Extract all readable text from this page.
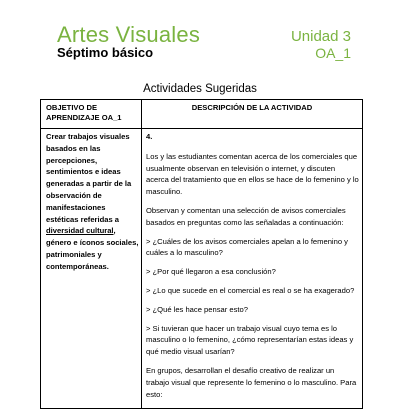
Artes Visuales	Unidad 3
Séptimo básico	OA_1
Actividades Sugeridas
OBJETIVO DE APRENDIZAJE OA_1
DESCRIPCIÓN DE LA ACTIVIDAD
Crear trabajos visuales basados en las percepciones, sentimientos e ideas generadas a partir de la observación de manifestaciones estéticas referidas a diversidad cultural, género e íconos sociales, patrimoniales y contemporáneas.

4.

Los y las estudiantes comentan acerca de los comerciales que usualmente observan en televisión o internet, y discuten acerca del tratamiento que en ellos se hace de lo femenino y lo masculino.

Observan y comentan una selección de avisos comerciales basados en preguntas como las señaladas a continuación:

> ¿Cuáles de los avisos comerciales apelan a lo femenino y cuáles a lo masculino?

> ¿Por qué llegaron a esa conclusión?

> ¿Lo que sucede en el comercial es real o se ha exagerado?

> ¿Qué les hace pensar esto?

> Si tuvieran que hacer un trabajo visual cuyo tema es lo masculino o lo femenino, ¿cómo representarían estas ideas y qué medio visual usarían?

En grupos, desarrollan el desafío creativo de realizar un trabajo visual que represente lo femenino o lo masculino. Para esto:
